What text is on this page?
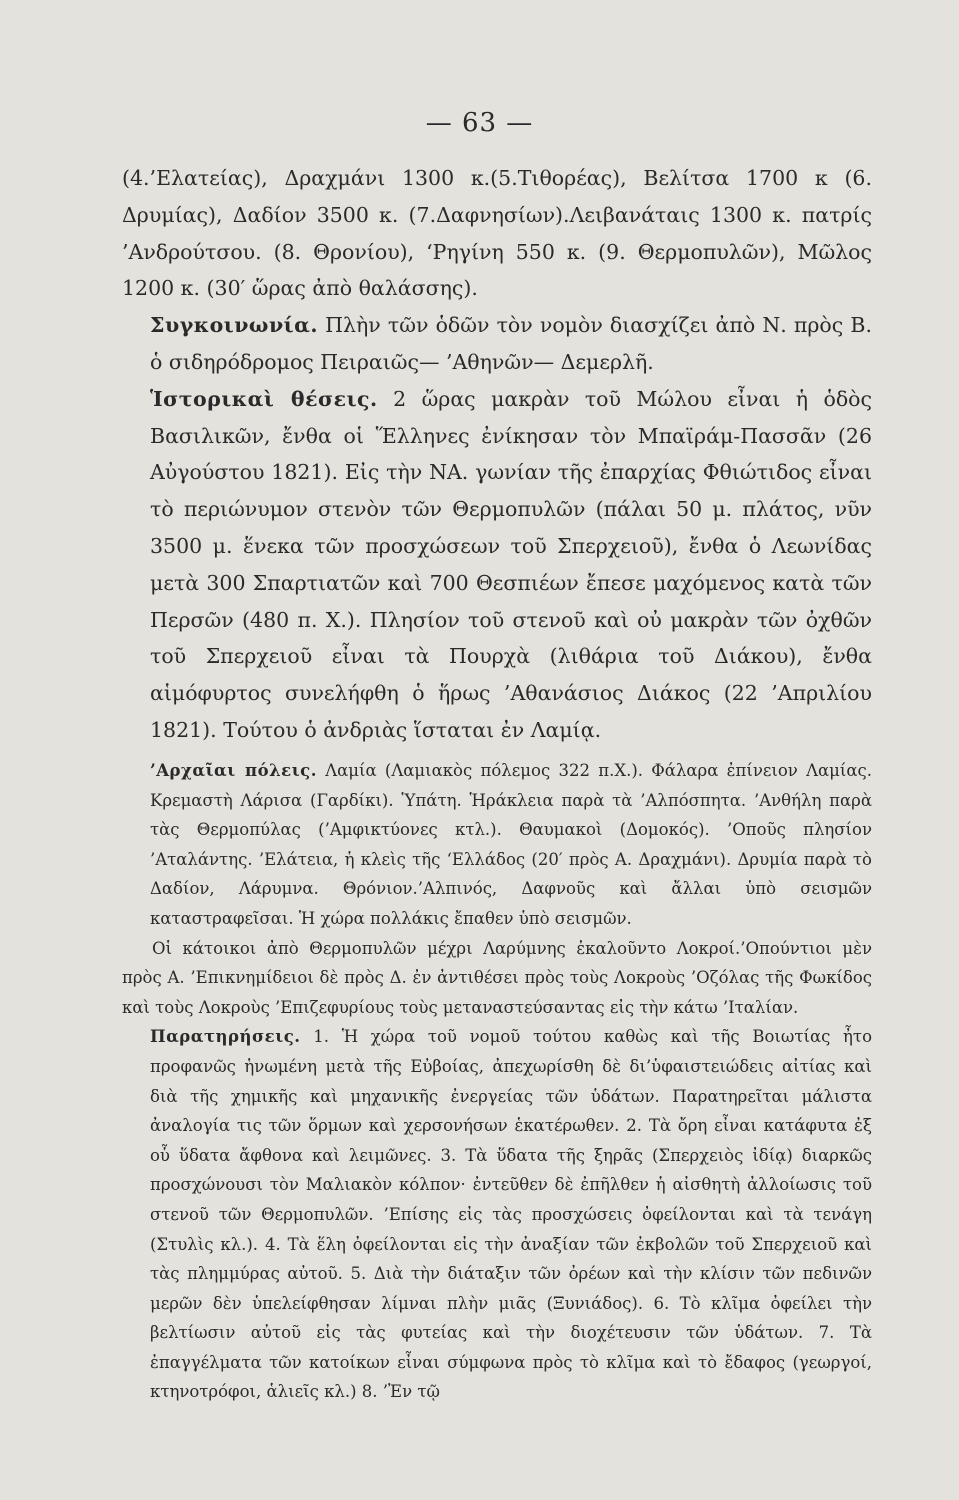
— 63 —

(4.’Ελατείας), Δραχμάνι 1300 κ.(5.Τιθορέας), Βελίτσα 1700 κ (6. Δρυμίας), Δαδίον 3500 κ. (7.Δαφνησίων).Λειβανάταις 1300 κ. πατρίς ’Ανδρούτσου. (8. Θρονίου), ‘Ρηγίνη 550 κ. (9. Θερμοπυλῶν), Μῶλος 1200 κ. (30′ ὥρας ἀπὸ θαλάσσης).

Συγκοινωνία. Πλὴν τῶν ὁδῶν τὸν νομὸν διασχίζει ἀπὸ Ν. πρὸς Β. ὁ σιδηρόδρομος Πειραιῶς— ’Αθηνῶν— Δεμερλῆ.

Ἱστορικαὶ θέσεις. 2 ὥρας μακρὰν τοῦ Μώλου εἶναι ἡ ὁδὸς Βασιλικῶν, ἔνθα οἱ Ἕλληνες ἐνίκησαν τὸν Μπαϊράμ-Πασσᾶν (26 Αὐγούστου 1821). Εἰς τὴν ΝΑ. γωνίαν τῆς ἐπαρχίας Φθιώτιδος εἶναι τὸ περιώνυμον στενὸν τῶν Θερμοπυλῶν (πάλαι 50 μ. πλάτος, νῦν 3500 μ. ἕνεκα τῶν προσχώσεων τοῦ Σπερχειοῦ), ἔνθα ὁ Λεωνίδας μετὰ 300 Σπαρτιατῶν καὶ 700 Θεσπιέων ἔπεσε μαχόμενος κατὰ τῶν Περσῶν (480 π. Χ.). Πλησίον τοῦ στενοῦ καὶ οὐ μακρὰν τῶν ὀχθῶν τοῦ Σπερχειοῦ εἶναι τὰ Πουρχὰ (λιθάρια τοῦ Διάκου), ἔνθα αἱμόφυρτος συνελήφθη ὁ ἥρως ’Αθανάσιος Διάκος (22 ’Απριλίου 1821). Τούτου ὁ ἀνδριὰς ἵσταται ἐν Λαμίᾳ.

’Αρχαῖαι πόλεις. Λαμία (Λαμιακὸς πόλεμος 322 π.Χ.). Φάλαρα ἐπίνειον Λαμίας. Κρεμαστὴ Λάρισα (Γαρδίκι). Ὑπάτη. Ἡράκλεια παρὰ τὰ ’Αλπόσπητα. ’Ανθήλη παρὰ τὰς Θερμοπύλας (’Αμφικτύονες κτλ.). Θαυμακοὶ (Δομοκός). ’Οποῦς πλησίον ’Αταλάντης. ’Ελάτεια, ἡ κλεὶς τῆς ‘Ελλάδος (20′ πρὸς Α. Δραχμάνι). Δρυμία παρὰ τὸ Δαδίον, Λάρυμνα. Θρόνιον.’Αλπινός, Δαφνοῦς καὶ ἄλλαι ὑπὸ σεισμῶν καταστραφεῖσαι. Ἡ χώρα πολλάκις ἔπαθεν ὑπὸ σεισμῶν.

Οἱ κάτοικοι ἀπὸ Θερμοπυλῶν μέχρι Λαρύμνης ἐκαλοῦντο Λοκροί.’Οπούντιοι μὲν πρὸς Α. ’Επικνημίδειοι δὲ πρὸς Δ. ἐν ἀντιθέσει πρὸς τοὺς Λοκροὺς ’Οζόλας τῆς Φωκίδος καὶ τοὺς Λοκροὺς ’Επιζεφυρίους τοὺς μεταναστεύσαντας εἰς τὴν κάτω ’Ιταλίαν.

Παρατηρήσεις. 1. Ἡ χώρα τοῦ νομοῦ τούτου καθὼς καὶ τῆς Βοιωτίας ἦτο προφανῶς ἡνωμένη μετὰ τῆς Εὐβοίας, ἀπεχωρίσθη δὲ δι’ὑφαιστειώδεις αἰτίας καὶ διὰ τῆς χημικῆς καὶ μηχανικῆς ἐνεργείας τῶν ὑδάτων. Παρατηρεῖται μάλιστα ἀναλογία τις τῶν ὅρμων καὶ χερσονήσων ἑκατέρωθεν. 2. Τὰ ὄρη εἶναι κατάφυτα ἐξ οὗ ὕδατα ἄφθονα καὶ λειμῶνες. 3. Τὰ ὕδατα τῆς ξηρᾶς (Σπερχειὸς ἰδίᾳ) διαρκῶς προσχώνουσι τὸν Μαλιακὸν κόλπον· ἐντεῦθεν δὲ ἐπῆλθεν ἡ αἰσθητὴ ἀλλοίωσις τοῦ στενοῦ τῶν Θερμοπυλῶν. ’Επίσης εἰς τὰς προσχώσεις ὀφείλονται καὶ τὰ τενάγη (Στυλὶς κλ.). 4. Τὰ ἕλη ὀφείλονται εἰς τὴν ἀναξίαν τῶν ἐκβολῶν τοῦ Σπερχειοῦ καὶ τὰς πλημμύρας αὐτοῦ. 5. Διὰ τὴν διάταξιν τῶν ὀρέων καὶ τὴν κλίσιν τῶν πεδινῶν μερῶν δὲν ὑπελείφθησαν λίμναι πλὴν μιᾶς (Ξυνιάδος). 6. Τὸ κλῖμα ὀφείλει τὴν βελτίωσιν αὐτοῦ εἰς τὰς φυτείας καὶ τὴν διοχέτευσιν τῶν ὑδάτων. 7. Τὰ ἐπαγγέλματα τῶν κατοίκων εἶναι σύμφωνα πρὸς τὸ κλῖμα καὶ τὸ ἔδαφος (γεωργοί, κτηνοτρόφοι, ἁλιεῖς κλ.) 8. ’Ἐν τῷ
